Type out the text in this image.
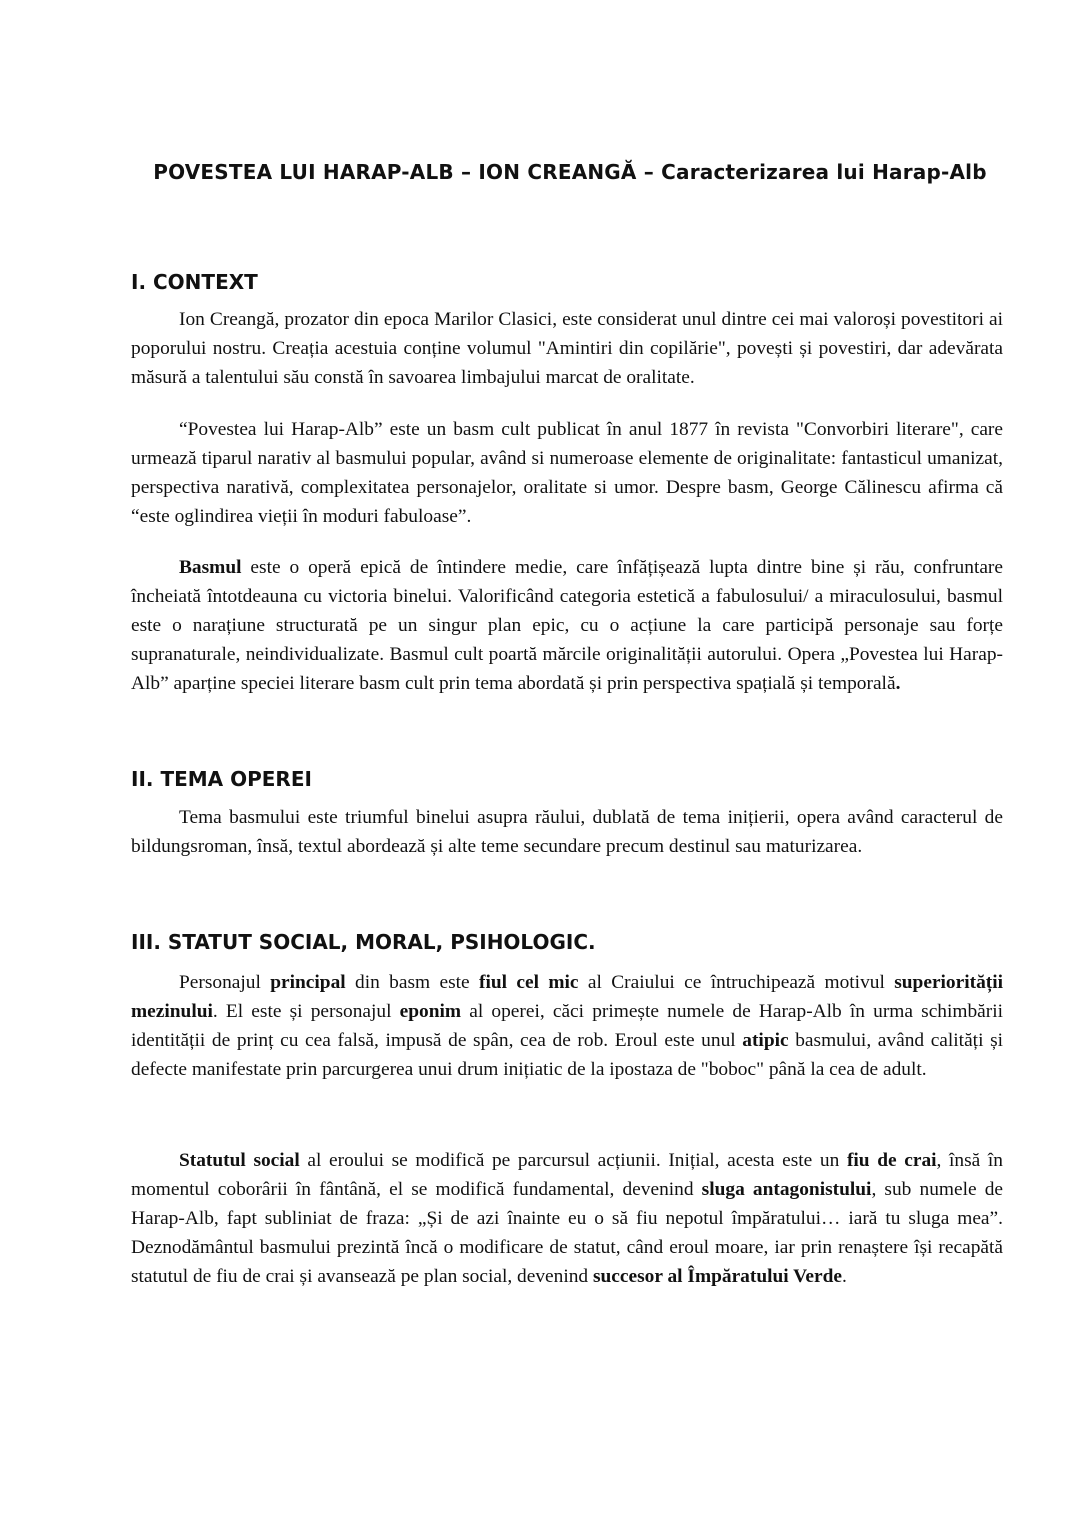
POVESTEA LUI HARAP-ALB – ION CREANGĂ – Caracterizarea lui Harap-Alb
I. CONTEXT

Ion Creangă, prozator din epoca Marilor Clasici, este considerat unul dintre cei mai valoroși povestitori ai poporului nostru. Creația acestuia conține volumul "Amintiri din copilărie", povești și povestiri, dar adevărata măsură a talentului său constă în savoarea limbajului marcat de oralitate.

“Povestea lui Harap-Alb” este un basm cult publicat în anul 1877 în revista "Convorbiri literare", care urmează tiparul narativ al basmului popular, având si numeroase elemente de originalitate: fantasticul umanizat, perspectiva narativă, complexitatea personajelor, oralitate si umor. Despre basm, George Călinescu afirma că “este oglindirea vieții în moduri fabuloase”.

Basmul este o operă epică de întindere medie, care înfățișează lupta dintre bine și rău, confruntare încheiată întotdeauna cu victoria binelui. Valorificând categoria estetică a fabulosului/ a miraculosului, basmul este o narațiune structurată pe un singur plan epic, cu o acțiune la care participă personaje sau forțe supranaturale, neindividualizate. Basmul cult poartă mărcile originalității autorului. Opera „Povestea lui Harap-Alb” aparține speciei literare basm cult prin tema abordată și prin perspectiva spațială și temporală.

II. TEMA OPEREI

Tema basmului este triumful binelui asupra răului, dublată de tema inițierii, opera având caracterul de bildungsroman, însă, textul abordează și alte teme secundare precum destinul sau maturizarea.

III. STATUT SOCIAL, MORAL, PSIHOLOGIC.

Personajul principal din basm este fiul cel mic al Craiului ce întruchipează motivul superiorității mezinului. El este și personajul eponim al operei, căci primește numele de Harap-Alb în urma schimbării identității de prinț cu cea falsă, impusă de spân, cea de rob. Eroul este unul atipic basmului, având calități și defecte manifestate prin parcurgerea unui drum inițiatic de la ipostaza de "boboc" până la cea de adult.

Statutul social al eroului se modifică pe parcursul acțiunii. Inițial, acesta este un fiu de crai, însă în momentul coborârii în fântână, el se modifică fundamental, devenind sluga antagonistului, sub numele de Harap-Alb, fapt subliniat de fraza: „Și de azi înainte eu o să fiu nepotul împăratului… iară tu sluga mea”. Deznodământul basmului prezintă încă o modificare de statut, când eroul moare, iar prin renaștere își recapătă statutul de fiu de crai și avansează pe plan social, devenind succesor al Împăratului Verde.
